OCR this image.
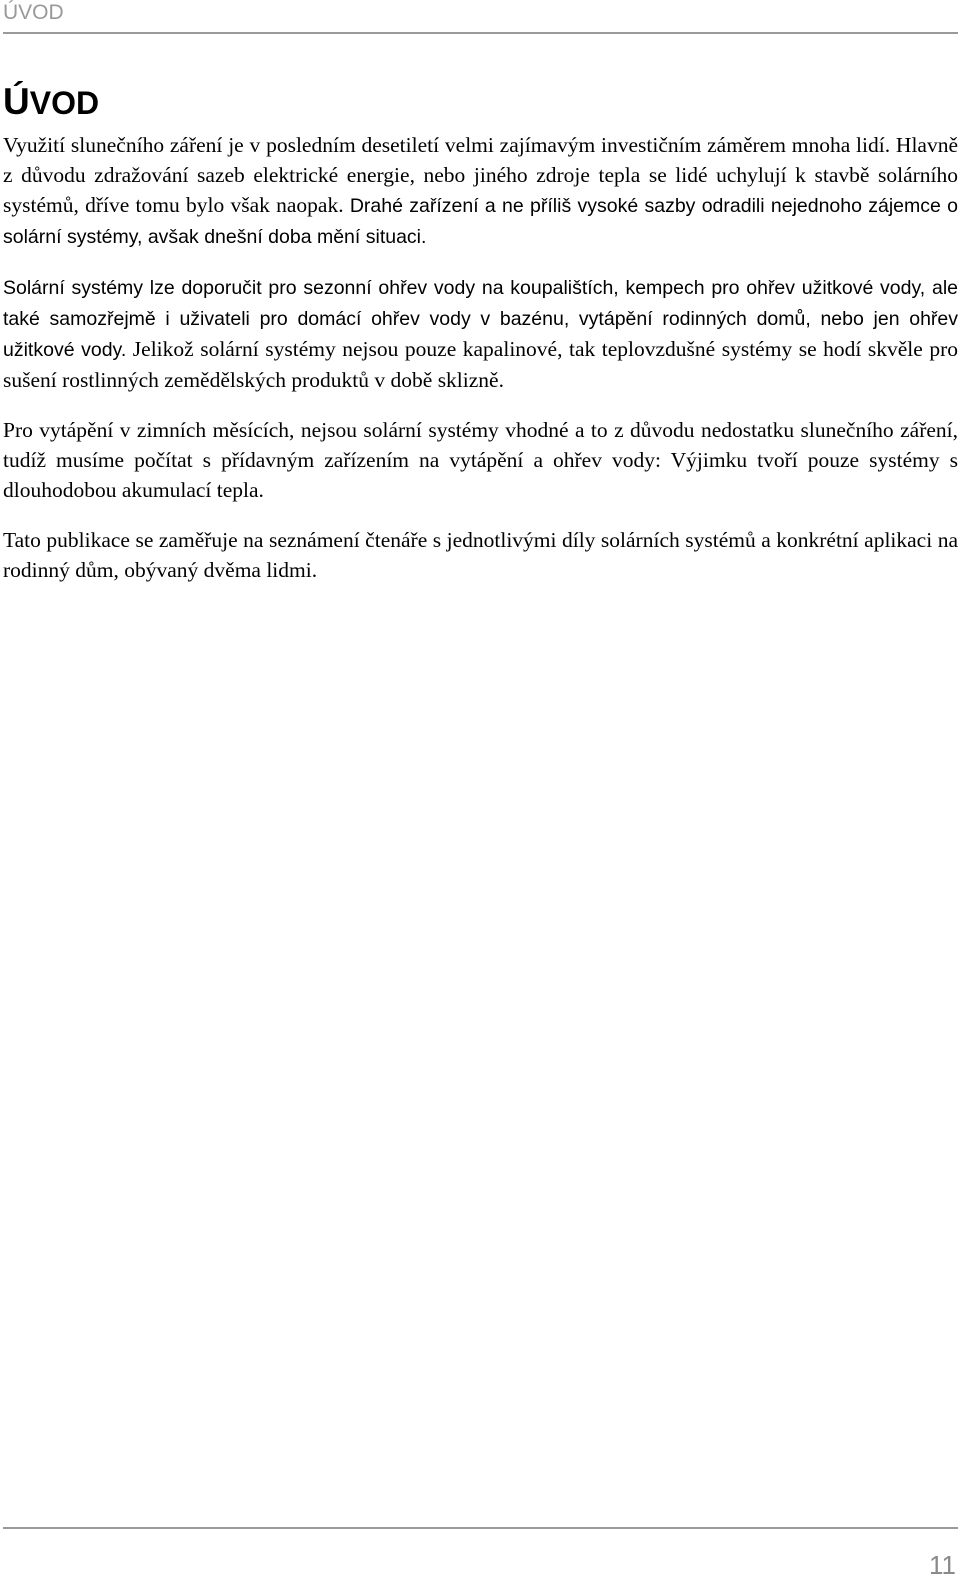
ÚVOD
ÚVOD

Využití slunečního záření je v posledním desetiletí velmi zajímavým investičním záměrem mnoha lidí. Hlavně z důvodu zdražování sazeb elektrické energie, nebo jiného zdroje tepla se lidé uchylují k stavbě solárního systémů, dříve tomu bylo však naopak. Drahé zařízení a ne příliš vysoké sazby odradili nejednoho zájemce o solární systémy, avšak dnešní doba mění situaci.

Solární systémy lze doporučit pro sezonní ohřev vody na koupalištích, kempech pro ohřev užitkové vody, ale také samozřejmě i uživateli pro domácí ohřev vody v bazénu, vytápění rodinných domů, nebo jen ohřev užitkové vody. Jelikož solární systémy nejsou pouze kapalinové, tak teplovzdušné systémy se hodí skvěle pro sušení rostlinných zemědělských produktů v době sklizně.

Pro vytápění v zimních měsících, nejsou solární systémy vhodné a to z důvodu nedostatku slunečního záření, tudíž musíme počítat s přídavným zařízením na vytápění a ohřev vody: Výjimku tvoří pouze systémy s dlouhodobou akumulací tepla.

Tato publikace se zaměřuje na seznámení čtenáře s jednotlivými díly solárních systémů a konkrétní aplikaci na rodinný dům, obývaný dvěma lidmi.

11
